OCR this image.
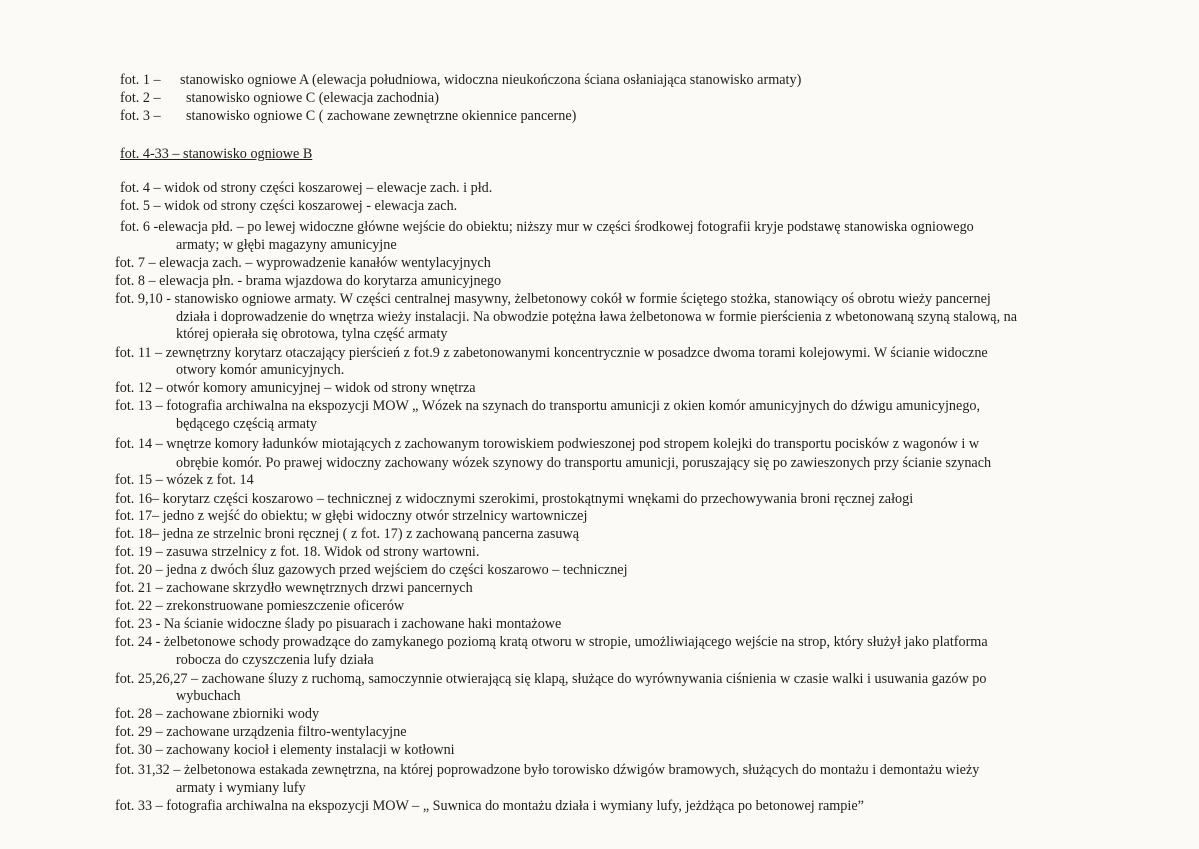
fot. 1 – stanowisko ogniowe A (elewacja południowa, widoczna nieukończona ściana osłaniająca stanowisko armaty)
fot. 2 – stanowisko ogniowe C (elewacja zachodnia)
fot. 3 – stanowisko ogniowe C ( zachowane zewnętrzne okiennice pancerne)
fot. 4-33 – stanowisko ogniowe B
fot. 4 – widok od strony części koszarowej – elewacje zach. i płd.
fot. 5 – widok od strony części koszarowej - elewacja zach.
fot. 6 -elewacja płd. – po lewej widoczne główne wejście do obiektu; niższy mur w części środkowej fotografii kryje podstawę stanowiska ogniowego
armaty; w głębi magazyny amunicyjne
fot. 7 – elewacja zach. – wyprowadzenie kanałów wentylacyjnych
fot. 8 – elewacja płn. - brama wjazdowa do korytarza amunicyjnego
fot. 9,10 - stanowisko ogniowe armaty. W części centralnej masywny, żelbetonowy cokół w formie ściętego stożka, stanowiący oś obrotu wieży pancernej
działa i doprowadzenie do wnętrza wieży instalacji. Na obwodzie potężna ława żelbetonowa w formie pierścienia z wbetonowaną szyną stalową, na
której opierała się obrotowa, tylna część armaty
fot. 11 – zewnętrzny korytarz otaczający pierścień z fot.9 z zabetonowanymi koncentrycznie w posadzce dwoma torami kolejowymi. W ścianie widoczne
otwory komór amunicyjnych.
fot. 12 – otwór komory amunicyjnej – widok od strony wnętrza
fot. 13 – fotografia archiwalna na ekspozycji MOW „ Wózek na szynach do transportu amunicji z okien komór amunicyjnych do dźwigu amunicyjnego,
będącego częścią armaty
fot. 14 – wnętrze komory ładunków miotających z zachowanym torowiskiem podwieszonej pod stropem kolejki do transportu pocisków z wagonów i w
obrębie komór. Po prawej widoczny zachowany wózek szynowy do transportu amunicji, poruszający się po zawieszonych przy ścianie szynach
fot. 15 – wózek z fot. 14
fot. 16– korytarz części koszarowo – technicznej z widocznymi szerokimi, prostokątnymi wnękami do przechowywania broni ręcznej załogi
fot. 17– jedno z wejść do obiektu; w głębi widoczny otwór strzelnicy wartowniczej
fot. 18– jedna ze strzelnic broni ręcznej ( z fot. 17) z zachowaną pancerna zasuwą
fot. 19 – zasuwa strzelnicy z fot. 18. Widok od strony wartowni.
fot. 20 – jedna z dwóch śluz gazowych przed wejściem do części koszarowo – technicznej
fot. 21 – zachowane skrzydło wewnętrznych drzwi pancernych
fot. 22 – zrekonstruowane pomieszczenie oficerów
fot. 23 - Na ścianie widoczne ślady po pisuarach i zachowane haki montażowe
fot. 24 - żelbetonowe schody prowadzące do zamykanego poziomą kratą otworu w stropie, umożliwiającego wejście na strop, który służył jako platforma
robocza do czyszczenia lufy działa
fot. 25,26,27 – zachowane śluzy z ruchomą, samoczynnie otwierającą się klapą, służące do wyrównywania ciśnienia w czasie walki i usuwania gazów po
wybuchach
fot. 28 – zachowane zbiorniki wody
fot. 29 – zachowane urządzenia filtro-wentylacyjne
fot. 30 – zachowany kocioł i elementy instalacji w kotłowni
fot. 31,32 – żelbetonowa estakada zewnętrzna, na której poprowadzone było torowisko dźwigów bramowych, służących do montażu i demontażu wieży
armaty i wymiany lufy
fot. 33 – fotografia archiwalna na ekspozycji MOW – „ Suwnica do montażu działa i wymiany lufy, jeżdżąca po betonowej rampie”
